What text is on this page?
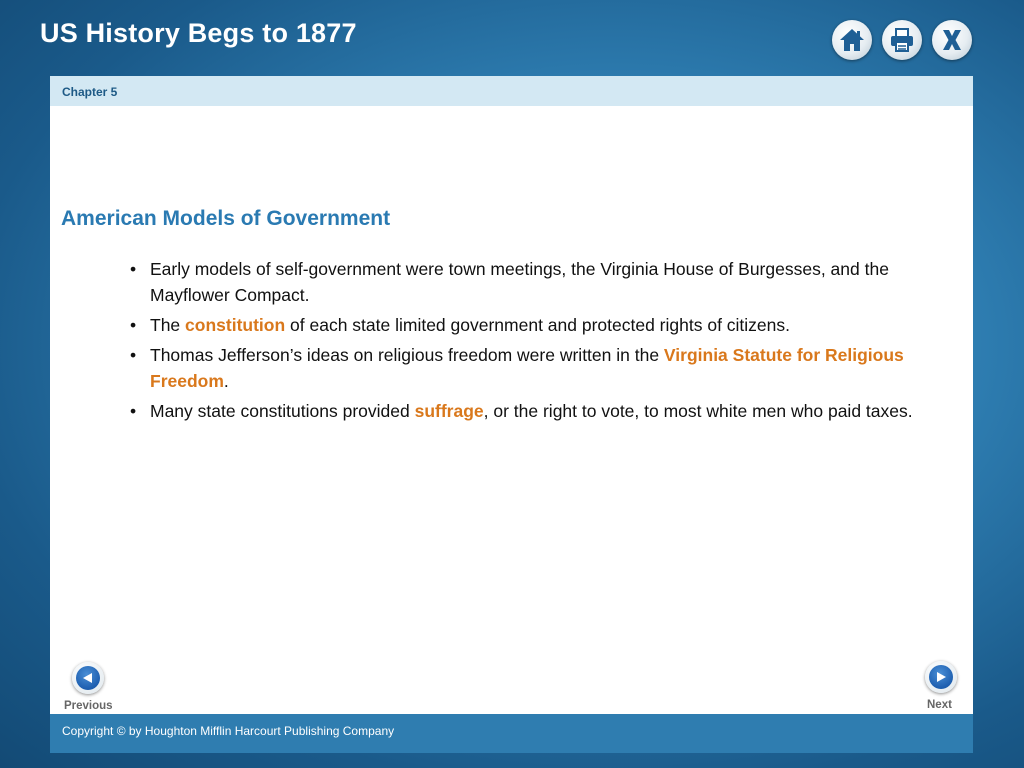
US History Begs to 1877
Chapter 5
American Models of Government
• Early models of self-government were town meetings, the Virginia House of Burgesses, and the Mayflower Compact.
• The constitution of each state limited government and protected rights of citizens.
• Thomas Jefferson’s ideas on religious freedom were written in the Virginia Statute for Religious Freedom.
• Many state constitutions provided suffrage, or the right to vote, to most white men who paid taxes.
Previous	Next
Copyright © by Houghton Mifflin Harcourt Publishing Company
